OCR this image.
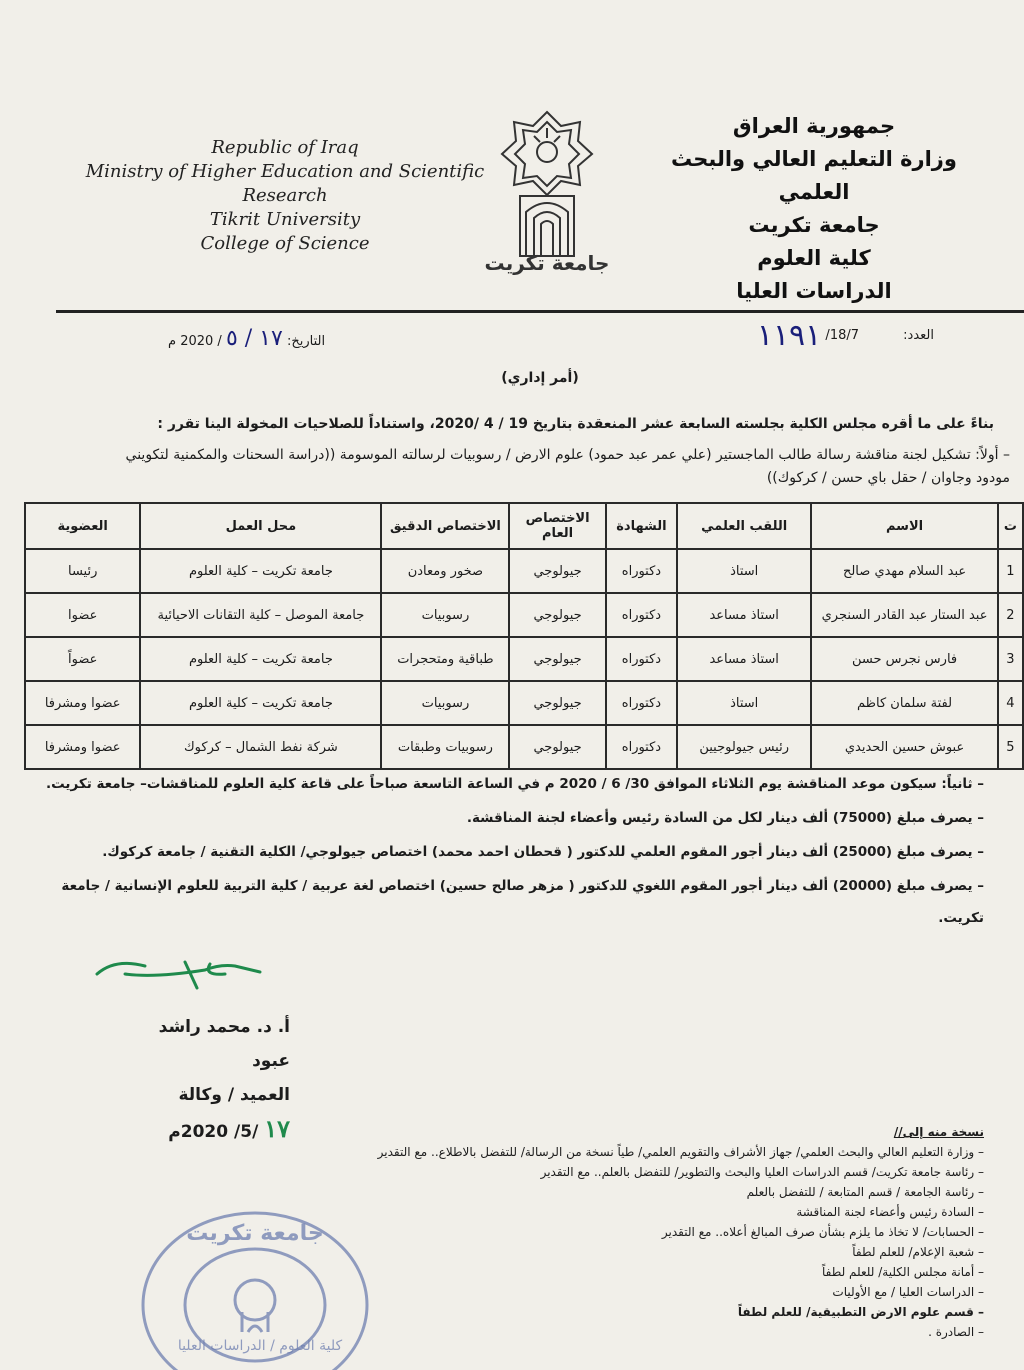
Republic of Iraq
Ministry of Higher Education and Scientific
Research
Tikrit University
College of Science
جامعة تكريت
جمهورية العراق
وزارة التعليم العالي والبحث العلمي
جامعة تكريت
كلية العلوم
الدراسات العليا
العدد: 18/7/ ١١٩١
التاريخ: ١٧ / ٥ / 2020 م
(أمر إداري)
بناءً على ما أقره مجلس الكلية بجلسته السابعة عشر المنعقدة بتاريخ 19 / 4 /2020، واستناداً للصلاحيات المخولة الينا تقرر :
– أولاً: تشكيل لجنة مناقشة رسالة طالب الماجستير (علي عمر عبد حمود) علوم الارض / رسوبيات لرسالته الموسومة ((دراسة السحنات والمكمنية لتكويني مودود وجاوان / حقل باي حسن / كركوك))
ت	الاسم	اللقب العلمي	الشهادة	الاختصاص العام	الاختصاص الدقيق	محل العمل	العضوية
1	عبد السلام مهدي صالح	استاذ	دكتوراه	جيولوجي	صخور ومعادن	جامعة تكريت – كلية العلوم	رئيسا
2	عبد الستار عبد القادر السنجري	استاذ مساعد	دكتوراه	جيولوجي	رسوبيات	جامعة الموصل – كلية التقانات الاحيائية	عضوا
3	فارس نجرس حسن	استاذ مساعد	دكتوراه	جيولوجي	طباقية ومتحجرات	جامعة تكريت – كلية العلوم	عضواً
4	لفتة سلمان كاظم	استاذ	دكتوراه	جيولوجي	رسوبيات	جامعة تكريت – كلية العلوم	عضوا ومشرفا
5	عبوش حسين الحديدي	رئيس جيولوجيين	دكتوراه	جيولوجي	رسوبيات وطبقات	شركة نفط الشمال – كركوك	عضوا ومشرفا
– ثانياً: سيكون موعد المناقشة يوم الثلاثاء الموافق 30/ 6 / 2020 م في الساعة التاسعة صباحاً على قاعة كلية العلوم للمناقشات– جامعة تكريت.
– يصرف مبلغ (75000) ألف دينار لكل من السادة رئيس وأعضاء لجنة المناقشة.
– يصرف مبلغ (25000) ألف دينار أجور المقوم العلمي للدكتور ( قحطان احمد محمد) اختصاص جيولوجي/ الكلية التقنية / جامعة كركوك.
– يصرف مبلغ (20000) ألف دينار أجور المقوم اللغوي للدكتور ( مزهر صالح حسين) اختصاص لغة عربية / كلية التربية للعلوم الإنسانية / جامعة تكريت.
أ. د. محمد راشد عبود
العميد / وكالة
١٧ /5/ 2020م	نسخة منه إلى//
– وزارة التعليم العالي والبحث العلمي/ جهاز الأشراف والتقويم العلمي/ طياً نسخة من الرسالة/ للتفضل بالاطلاع.. مع التقدير
– رئاسة جامعة تكريت/ قسم الدراسات العليا والبحث والتطوير/ للتفضل بالعلم.. مع التقدير
– رئاسة الجامعة / قسم المتابعة / للتفضل بالعلم
– السادة رئيس وأعضاء لجنة المناقشة
– الحسابات/ لا تخاذ ما يلزم بشأن صرف المبالغ أعلاه.. مع التقدير
– شعبة الإعلام/ للعلم لطفاً
– أمانة مجلس الكلية/ للعلم لطفاً
– الدراسات العليا / مع الأوليات
– قسم علوم الارض التطبيقية/ للعلم لطفاً
– الصادرة .
جامعة تكريت
كلية العلوم / الدراسات العليا
